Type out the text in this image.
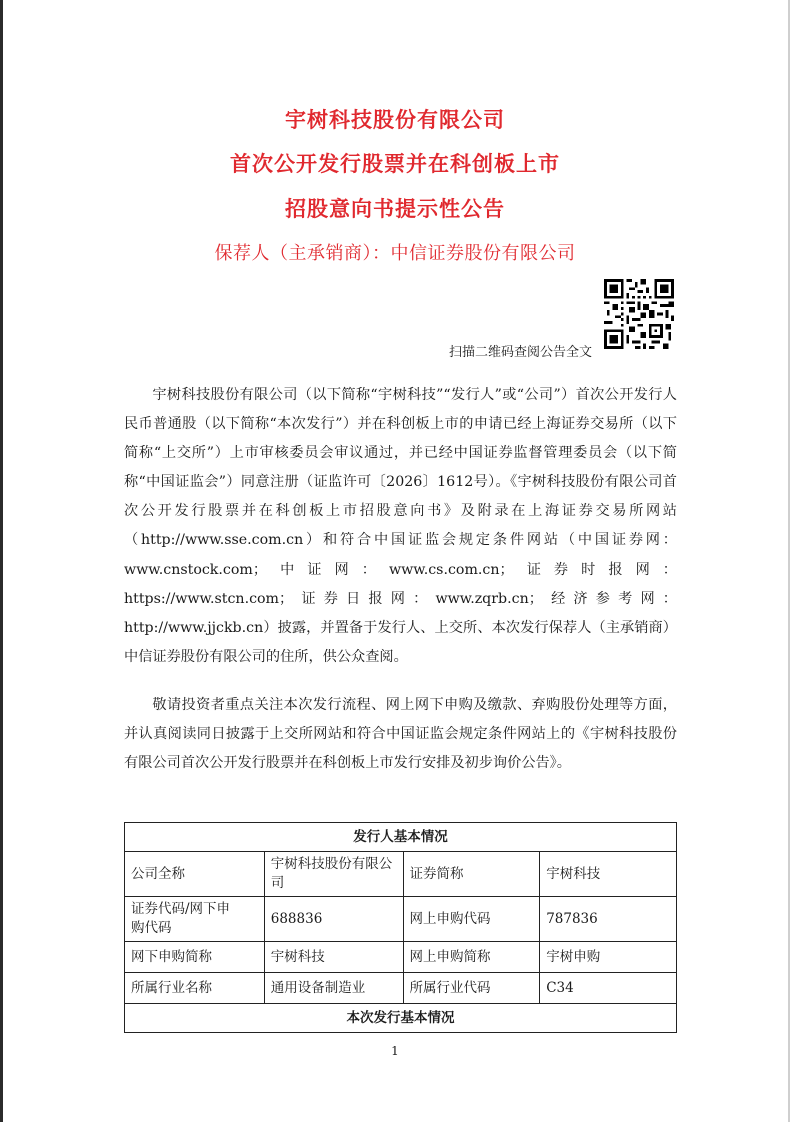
宇树科技股份有限公司
首次公开发行股票并在科创板上市
招股意向书提示性公告
保荐人（主承销商）：中信证券股份有限公司
扫描二维码查阅公告全文

宇树科技股份有限公司（以下简称“宇树科技”“发行人”或“公司”）首次公开发行人民币普通股（以下简称“本次发行”）并在科创板上市的申请已经上海证券交易所（以下简称“上交所”）上市审核委员会审议通过，并已经中国证券监督管理委员会（以下简称“中国证监会”）同意注册（证监许可〔2026〕1612号）。《宇树科技股份有限公司首次公开发行股票并在科创板上市招股意向书》及附录在上海证券交易所网站（http://www.sse.com.cn）和符合中国证监会规定条件网站（中国证券网：www.cnstock.com；中证网：www.cs.com.cn；证券时报网：https://www.stcn.com；证券日报网：www.zqrb.cn；经济参考网：http://www.jjckb.cn）披露，并置备于发行人、上交所、本次发行保荐人（主承销商）中信证券股份有限公司的住所，供公众查阅。

敬请投资者重点关注本次发行流程、网上网下申购及缴款、弃购股份处理等方面，并认真阅读同日披露于上交所网站和符合中国证监会规定条件网站上的《宇树科技股份有限公司首次公开发行股票并在科创板上市发行安排及初步询价公告》。

发行人基本情况			
公司全称	宇树科技股份有限公司	证券简称	宇树科技
证券代码/网下申购代码	688836	网上申购代码	787836
网下申购简称	宇树科技	网上申购简称	宇树申购
所属行业名称	通用设备制造业	所属行业代码	C34
本次发行基本情况			
1
